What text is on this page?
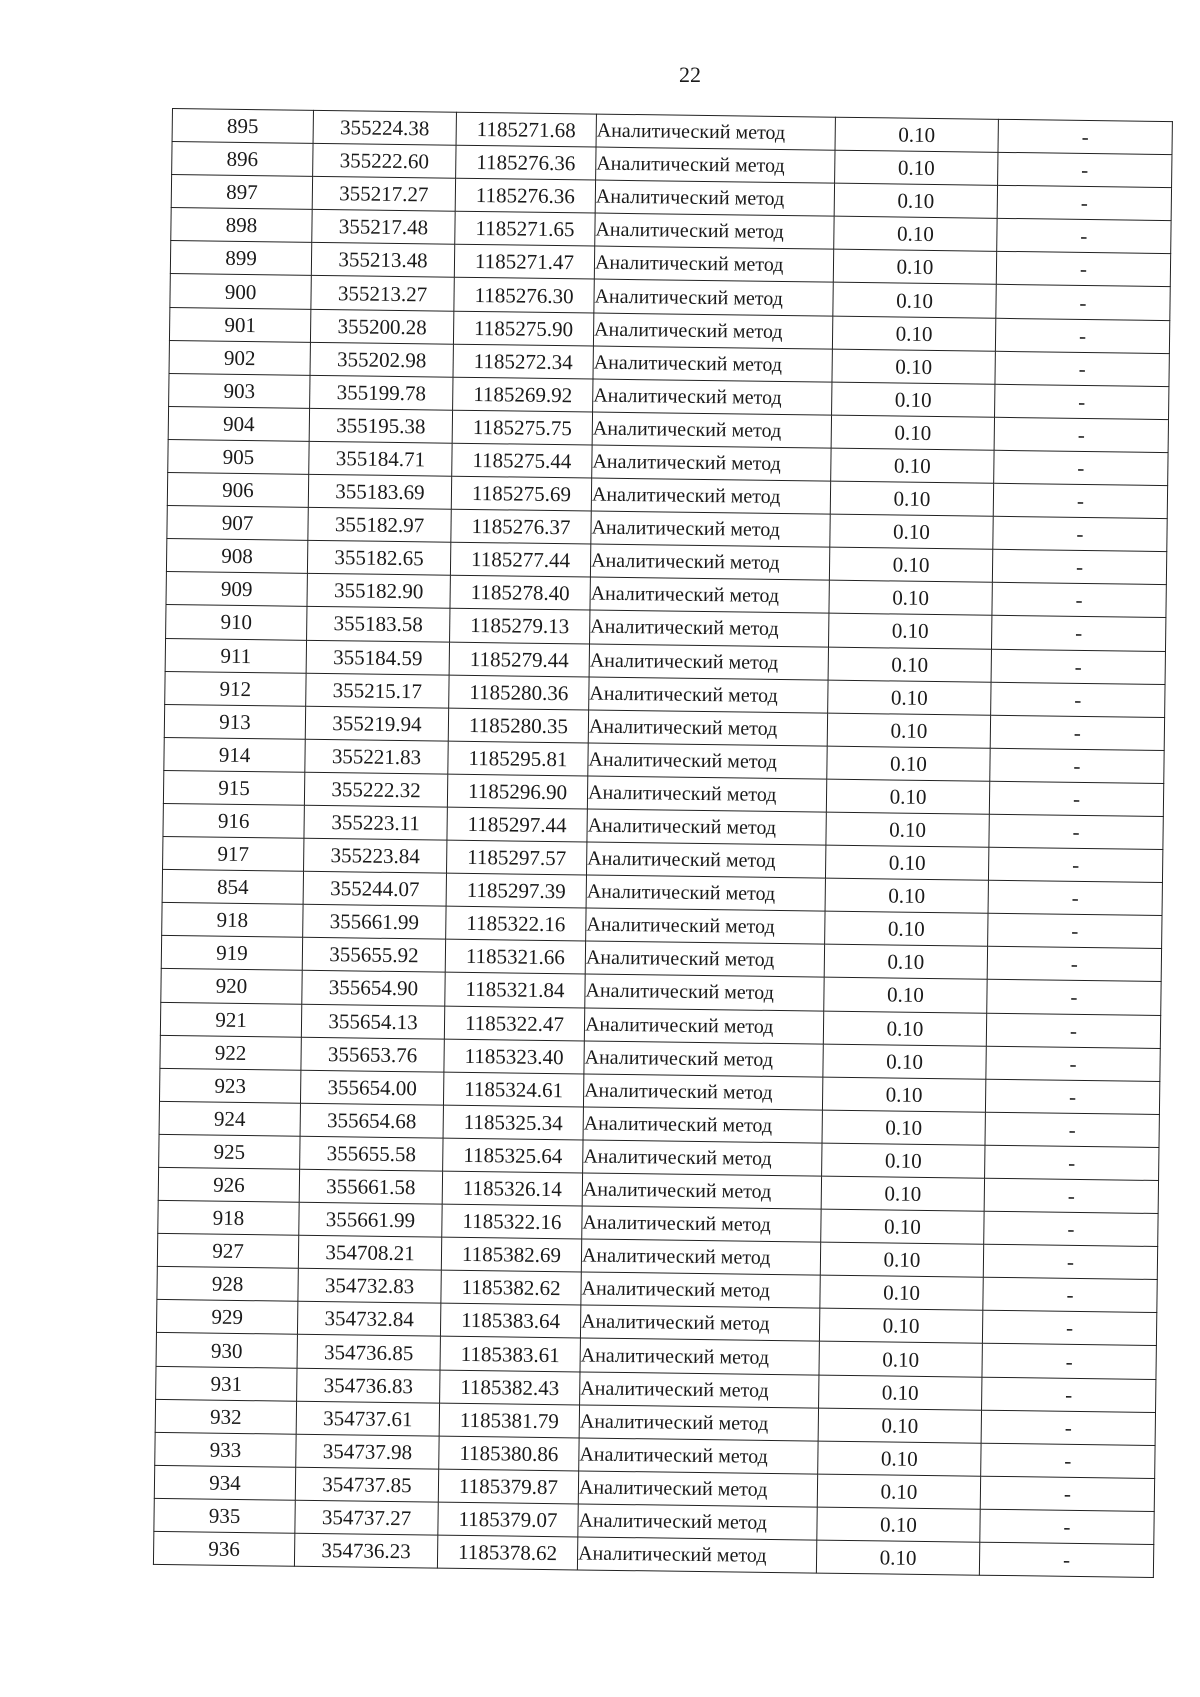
22
895	355224.38	1185271.68	Аналитический метод	0.10	-
896	355222.60	1185276.36	Аналитический метод	0.10	-
897	355217.27	1185276.36	Аналитический метод	0.10	-
898	355217.48	1185271.65	Аналитический метод	0.10	-
899	355213.48	1185271.47	Аналитический метод	0.10	-
900	355213.27	1185276.30	Аналитический метод	0.10	-
901	355200.28	1185275.90	Аналитический метод	0.10	-
902	355202.98	1185272.34	Аналитический метод	0.10	-
903	355199.78	1185269.92	Аналитический метод	0.10	-
904	355195.38	1185275.75	Аналитический метод	0.10	-
905	355184.71	1185275.44	Аналитический метод	0.10	-
906	355183.69	1185275.69	Аналитический метод	0.10	-
907	355182.97	1185276.37	Аналитический метод	0.10	-
908	355182.65	1185277.44	Аналитический метод	0.10	-
909	355182.90	1185278.40	Аналитический метод	0.10	-
910	355183.58	1185279.13	Аналитический метод	0.10	-
911	355184.59	1185279.44	Аналитический метод	0.10	-
912	355215.17	1185280.36	Аналитический метод	0.10	-
913	355219.94	1185280.35	Аналитический метод	0.10	-
914	355221.83	1185295.81	Аналитический метод	0.10	-
915	355222.32	1185296.90	Аналитический метод	0.10	-
916	355223.11	1185297.44	Аналитический метод	0.10	-
917	355223.84	1185297.57	Аналитический метод	0.10	-
854	355244.07	1185297.39	Аналитический метод	0.10	-
918	355661.99	1185322.16	Аналитический метод	0.10	-
919	355655.92	1185321.66	Аналитический метод	0.10	-
920	355654.90	1185321.84	Аналитический метод	0.10	-
921	355654.13	1185322.47	Аналитический метод	0.10	-
922	355653.76	1185323.40	Аналитический метод	0.10	-
923	355654.00	1185324.61	Аналитический метод	0.10	-
924	355654.68	1185325.34	Аналитический метод	0.10	-
925	355655.58	1185325.64	Аналитический метод	0.10	-
926	355661.58	1185326.14	Аналитический метод	0.10	-
918	355661.99	1185322.16	Аналитический метод	0.10	-
927	354708.21	1185382.69	Аналитический метод	0.10	-
928	354732.83	1185382.62	Аналитический метод	0.10	-
929	354732.84	1185383.64	Аналитический метод	0.10	-
930	354736.85	1185383.61	Аналитический метод	0.10	-
931	354736.83	1185382.43	Аналитический метод	0.10	-
932	354737.61	1185381.79	Аналитический метод	0.10	-
933	354737.98	1185380.86	Аналитический метод	0.10	-
934	354737.85	1185379.87	Аналитический метод	0.10	-
935	354737.27	1185379.07	Аналитический метод	0.10	-
936	354736.23	1185378.62	Аналитический метод	0.10	-
